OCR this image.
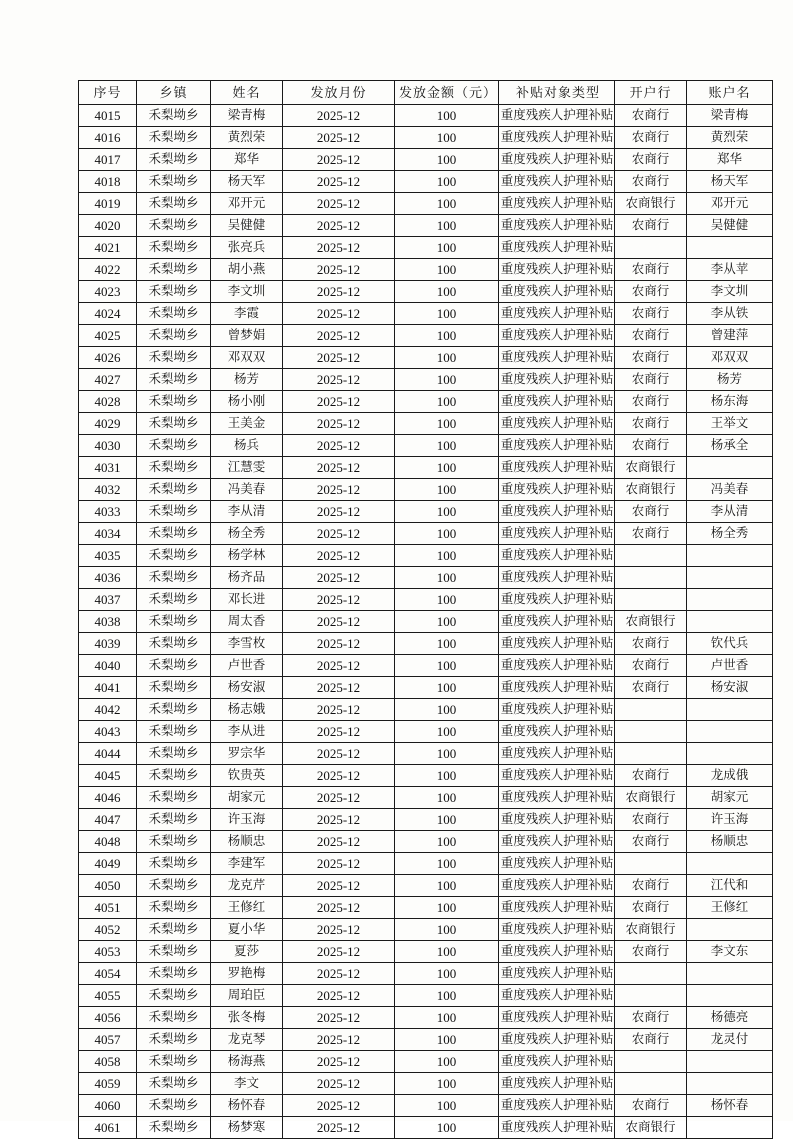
序号	乡镇	姓名	发放月份	发放金额（元）	补贴对象类型	开户行	账户名
4015	禾梨坳乡	梁青梅	2025-12	100	重度残疾人护理补贴	农商行	梁青梅
4016	禾梨坳乡	黄烈荣	2025-12	100	重度残疾人护理补贴	农商行	黄烈荣
4017	禾梨坳乡	郑华	2025-12	100	重度残疾人护理补贴	农商行	郑华
4018	禾梨坳乡	杨天军	2025-12	100	重度残疾人护理补贴	农商行	杨天军
4019	禾梨坳乡	邓开元	2025-12	100	重度残疾人护理补贴	农商银行	邓开元
4020	禾梨坳乡	吴健健	2025-12	100	重度残疾人护理补贴	农商行	吴健健
4021	禾梨坳乡	张亮兵	2025-12	100	重度残疾人护理补贴		

4022	禾梨坳乡	胡小燕	2025-12	100	重度残疾人护理补贴	农商行	李从苹
4023	禾梨坳乡	李文圳	2025-12	100	重度残疾人护理补贴	农商行	李文圳
4024	禾梨坳乡	李霞	2025-12	100	重度残疾人护理补贴	农商行	李从铁
4025	禾梨坳乡	曾梦娟	2025-12	100	重度残疾人护理补贴	农商行	曾建萍
4026	禾梨坳乡	邓双双	2025-12	100	重度残疾人护理补贴	农商行	邓双双
4027	禾梨坳乡	杨芳	2025-12	100	重度残疾人护理补贴	农商行	杨芳
4028	禾梨坳乡	杨小刚	2025-12	100	重度残疾人护理补贴	农商行	杨东海
4029	禾梨坳乡	王美金	2025-12	100	重度残疾人护理补贴	农商行	王举文
4030	禾梨坳乡	杨兵	2025-12	100	重度残疾人护理补贴	农商行	杨承全
4031	禾梨坳乡	江慧雯	2025-12	100	重度残疾人护理补贴	农商银行	
4032	禾梨坳乡	冯美春	2025-12	100	重度残疾人护理补贴	农商银行	冯美春
4033	禾梨坳乡	李从清	2025-12	100	重度残疾人护理补贴	农商行	李从清
4034	禾梨坳乡	杨全秀	2025-12	100	重度残疾人护理补贴	农商行	杨全秀
4035	禾梨坳乡	杨学林	2025-12	100	重度残疾人护理补贴		

4036	禾梨坳乡	杨齐品	2025-12	100	重度残疾人护理补贴		

4037	禾梨坳乡	邓长进	2025-12	100	重度残疾人护理补贴		

4038	禾梨坳乡	周太香	2025-12	100	重度残疾人护理补贴	农商银行	
4039	禾梨坳乡	李雪枚	2025-12	100	重度残疾人护理补贴	农商行	钦代兵
4040	禾梨坳乡	卢世香	2025-12	100	重度残疾人护理补贴	农商行	卢世香
4041	禾梨坳乡	杨安淑	2025-12	100	重度残疾人护理补贴	农商行	杨安淑
4042	禾梨坳乡	杨志娥	2025-12	100	重度残疾人护理补贴		

4043	禾梨坳乡	李从进	2025-12	100	重度残疾人护理补贴		

4044	禾梨坳乡	罗宗华	2025-12	100	重度残疾人护理补贴		

4045	禾梨坳乡	钦贵英	2025-12	100	重度残疾人护理补贴	农商行	龙成俄
4046	禾梨坳乡	胡家元	2025-12	100	重度残疾人护理补贴	农商银行	胡家元
4047	禾梨坳乡	许玉海	2025-12	100	重度残疾人护理补贴	农商行	许玉海
4048	禾梨坳乡	杨顺忠	2025-12	100	重度残疾人护理补贴	农商行	杨顺忠
4049	禾梨坳乡	李建军	2025-12	100	重度残疾人护理补贴		

4050	禾梨坳乡	龙克芹	2025-12	100	重度残疾人护理补贴	农商行	江代和
4051	禾梨坳乡	王修红	2025-12	100	重度残疾人护理补贴	农商行	王修红
4052	禾梨坳乡	夏小华	2025-12	100	重度残疾人护理补贴	农商银行	
4053	禾梨坳乡	夏莎	2025-12	100	重度残疾人护理补贴	农商行	李文东
4054	禾梨坳乡	罗艳梅	2025-12	100	重度残疾人护理补贴		

4055	禾梨坳乡	周珀臣	2025-12	100	重度残疾人护理补贴		

4056	禾梨坳乡	张冬梅	2025-12	100	重度残疾人护理补贴	农商行	杨德亮
4057	禾梨坳乡	龙克琴	2025-12	100	重度残疾人护理补贴	农商行	龙灵付
4058	禾梨坳乡	杨海燕	2025-12	100	重度残疾人护理补贴		

4059	禾梨坳乡	李文	2025-12	100	重度残疾人护理补贴		

4060	禾梨坳乡	杨怀春	2025-12	100	重度残疾人护理补贴	农商行	杨怀春
4061	禾梨坳乡	杨梦寒	2025-12	100	重度残疾人护理补贴	农商银行	
